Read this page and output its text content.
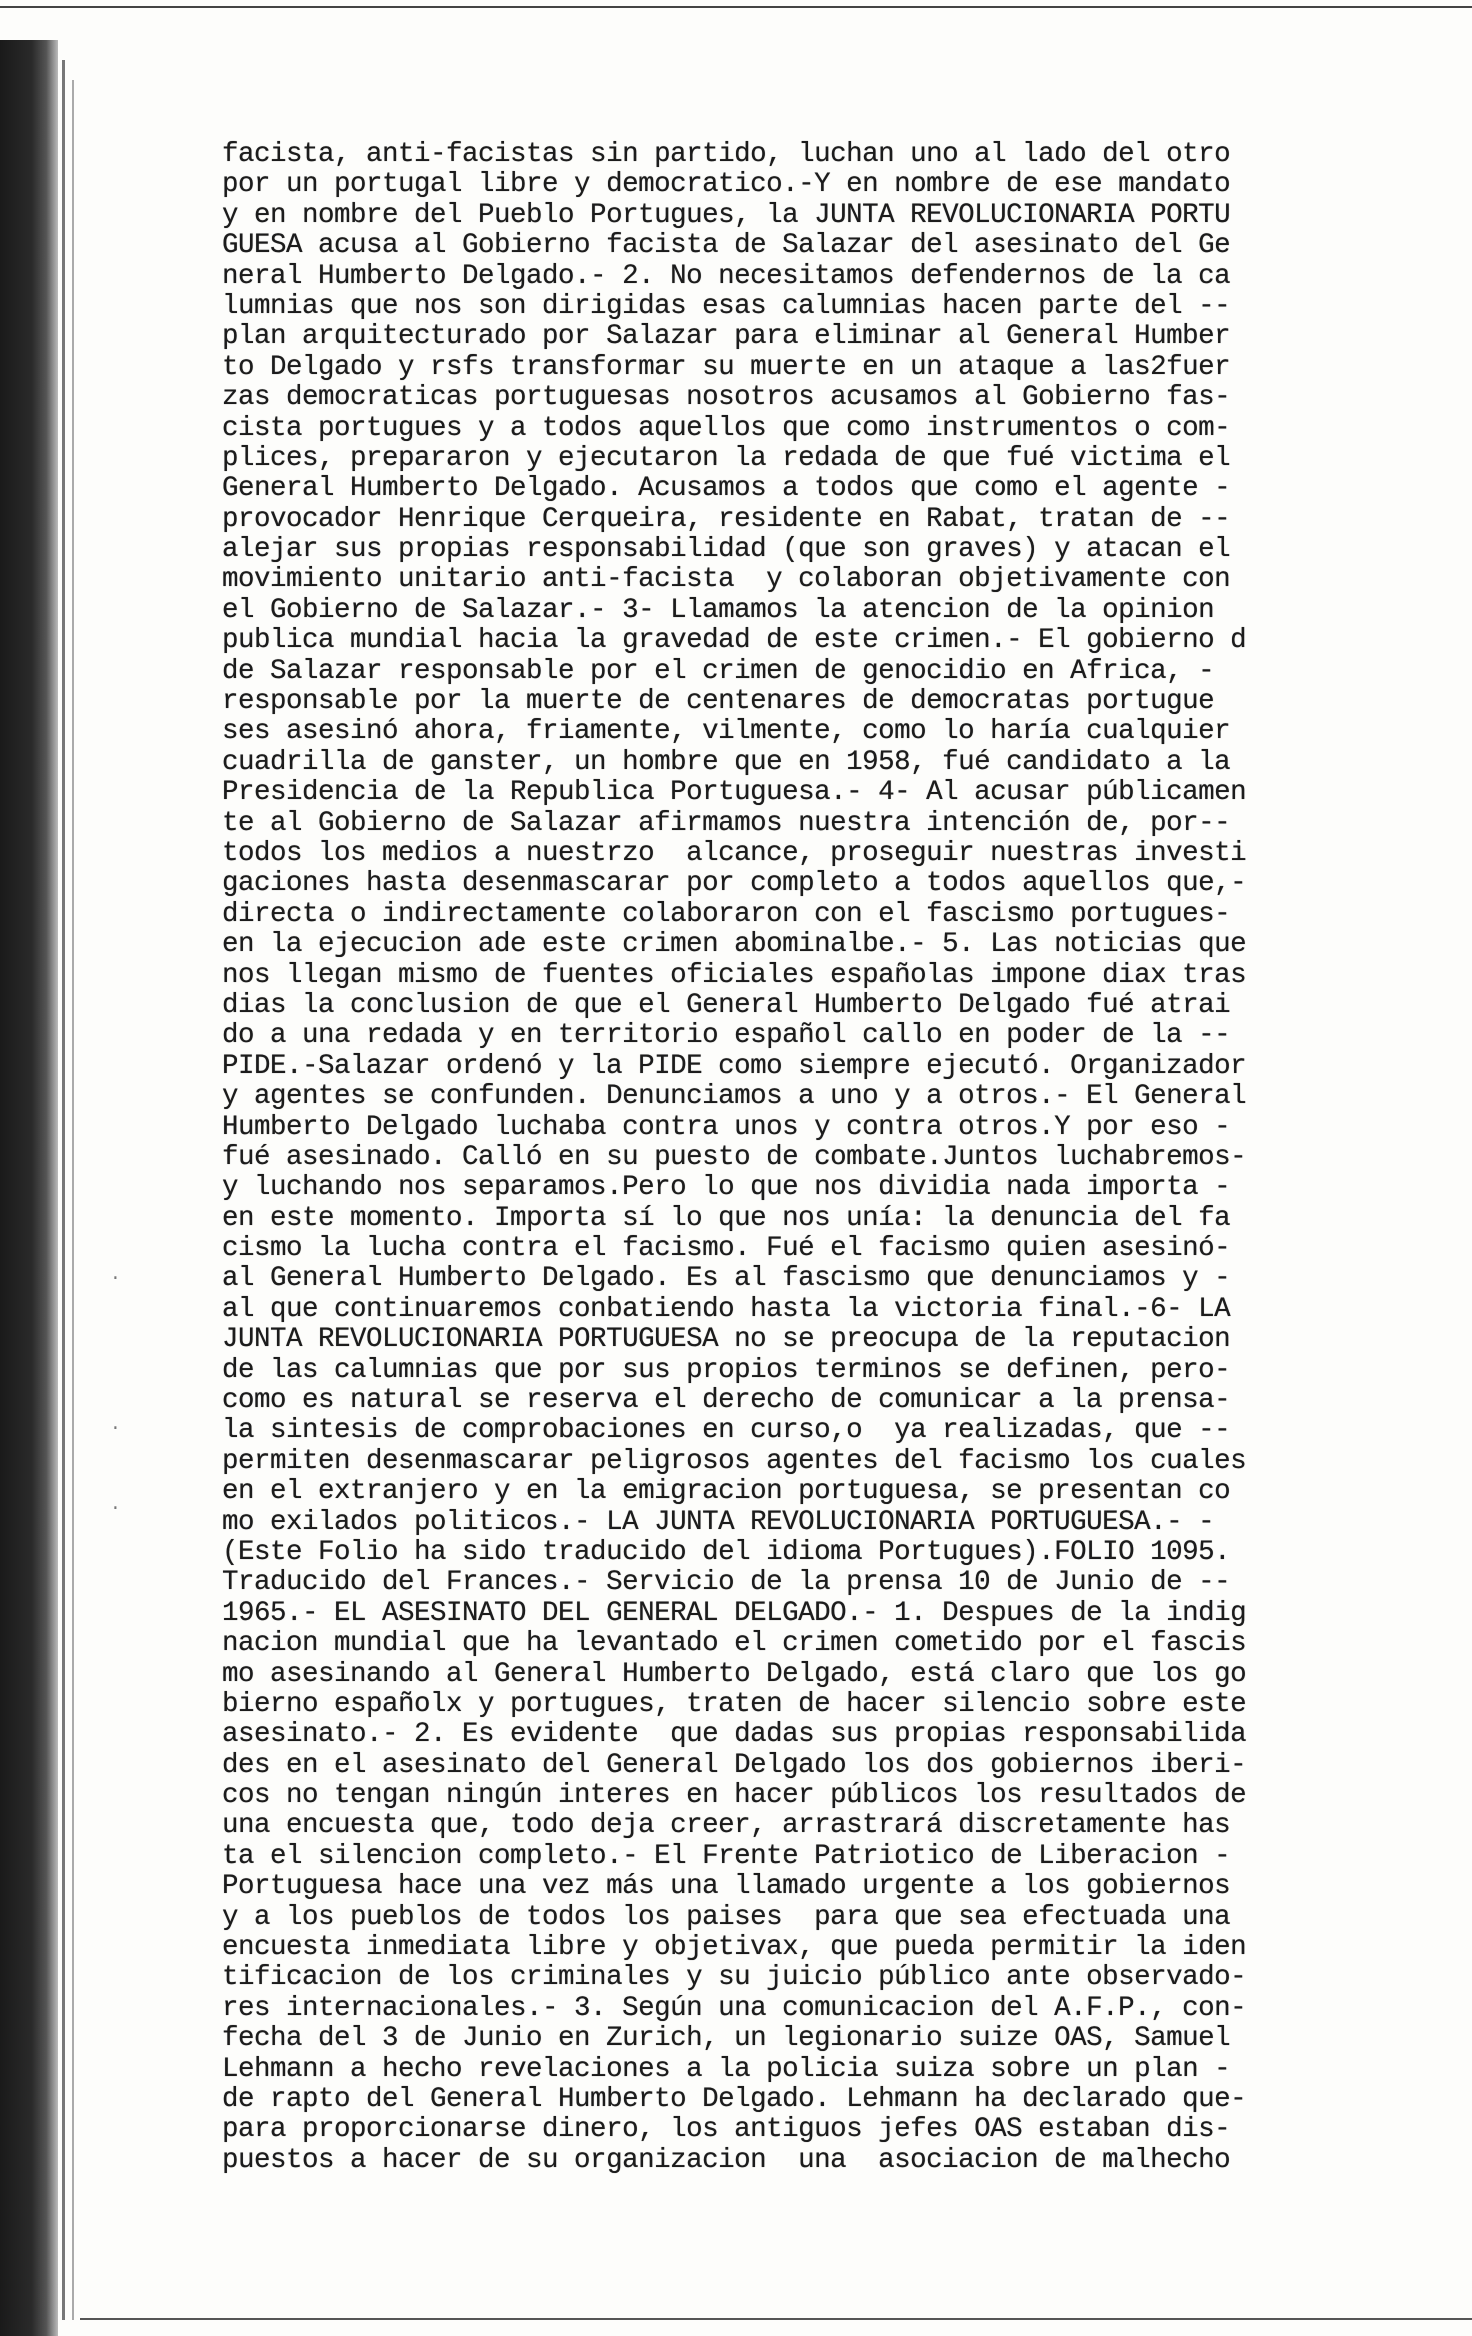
·
·
·
facista, anti-facistas sin partido, luchan uno al lado del otro
por un portugal libre y democratico.-Y en nombre de ese mandato
y en nombre del Pueblo Portugues, la JUNTA REVOLUCIONARIA PORTU
GUESA acusa al Gobierno facista de Salazar del asesinato del Ge
neral Humberto Delgado.- 2. No necesitamos defendernos de la ca
lumnias que nos son dirigidas esas calumnias hacen parte del --
plan arquitecturado por Salazar para eliminar al General Humber
to Delgado y rsfs transformar su muerte en un ataque a las2fuer
zas democraticas portuguesas nosotros acusamos al Gobierno fas-
cista portugues y a todos aquellos que como instrumentos o com-
plices, prepararon y ejecutaron la redada de que fué victima el
General Humberto Delgado. Acusamos a todos que como el agente -
provocador Henrique Cerqueira, residente en Rabat, tratan de --
alejar sus propias responsabilidad (que son graves) y atacan el
movimiento unitario anti-facista  y colaboran objetivamente con
el Gobierno de Salazar.- 3- Llamamos la atencion de la opinion
publica mundial hacia la gravedad de este crimen.- El gobierno d
de Salazar responsable por el crimen de genocidio en Africa, -
responsable por la muerte de centenares de democratas portugue
ses asesinó ahora, friamente, vilmente, como lo haría cualquier
cuadrilla de ganster, un hombre que en 1958, fué candidato a la
Presidencia de la Republica Portuguesa.- 4- Al acusar públicamen
te al Gobierno de Salazar afirmamos nuestra intención de, por--
todos los medios a nuestrzo  alcance, proseguir nuestras investi
gaciones hasta desenmascarar por completo a todos aquellos que,-
directa o indirectamente colaboraron con el fascismo portugues-
en la ejecucion ade este crimen abominalbe.- 5. Las noticias que
nos llegan mismo de fuentes oficiales españolas impone diax tras
dias la conclusion de que el General Humberto Delgado fué atrai
do a una redada y en territorio español callo en poder de la --
PIDE.-Salazar ordenó y la PIDE como siempre ejecutó. Organizador
y agentes se confunden. Denunciamos a uno y a otros.- El General
Humberto Delgado luchaba contra unos y contra otros.Y por eso -
fué asesinado. Calló en su puesto de combate.Juntos luchabremos-
y luchando nos separamos.Pero lo que nos dividia nada importa -
en este momento. Importa sí lo que nos unía: la denuncia del fa
cismo la lucha contra el facismo. Fué el facismo quien asesinó-
al General Humberto Delgado. Es al fascismo que denunciamos y -
al que continuaremos conbatiendo hasta la victoria final.-6- LA
JUNTA REVOLUCIONARIA PORTUGUESA no se preocupa de la reputacion
de las calumnias que por sus propios terminos se definen, pero-
como es natural se reserva el derecho de comunicar a la prensa-
la sintesis de comprobaciones en curso,o  ya realizadas, que --
permiten desenmascarar peligrosos agentes del facismo los cuales
en el extranjero y en la emigracion portuguesa, se presentan co
mo exilados politicos.- LA JUNTA REVOLUCIONARIA PORTUGUESA.- -
(Este Folio ha sido traducido del idioma Portugues).FOLIO 1095.
Traducido del Frances.- Servicio de la prensa 10 de Junio de --
1965.- EL ASESINATO DEL GENERAL DELGADO.- 1. Despues de la indig
nacion mundial que ha levantado el crimen cometido por el fascis
mo asesinando al General Humberto Delgado, está claro que los go
bierno españolx y portugues, traten de hacer silencio sobre este
asesinato.- 2. Es evidente  que dadas sus propias responsabilida
des en el asesinato del General Delgado los dos gobiernos iberi-
cos no tengan ningún interes en hacer públicos los resultados de
una encuesta que, todo deja creer, arrastrará discretamente has
ta el silencion completo.- El Frente Patriotico de Liberacion -
Portuguesa hace una vez más una llamado urgente a los gobiernos
y a los pueblos de todos los paises  para que sea efectuada una
encuesta inmediata libre y objetivax, que pueda permitir la iden
tificacion de los criminales y su juicio público ante observado-
res internacionales.- 3. Según una comunicacion del A.F.P., con-
fecha del 3 de Junio en Zurich, un legionario suize OAS, Samuel
Lehmann a hecho revelaciones a la policia suiza sobre un plan -
de rapto del General Humberto Delgado. Lehmann ha declarado que-
para proporcionarse dinero, los antiguos jefes OAS estaban dis-
puestos a hacer de su organizacion  una  asociacion de malhecho
